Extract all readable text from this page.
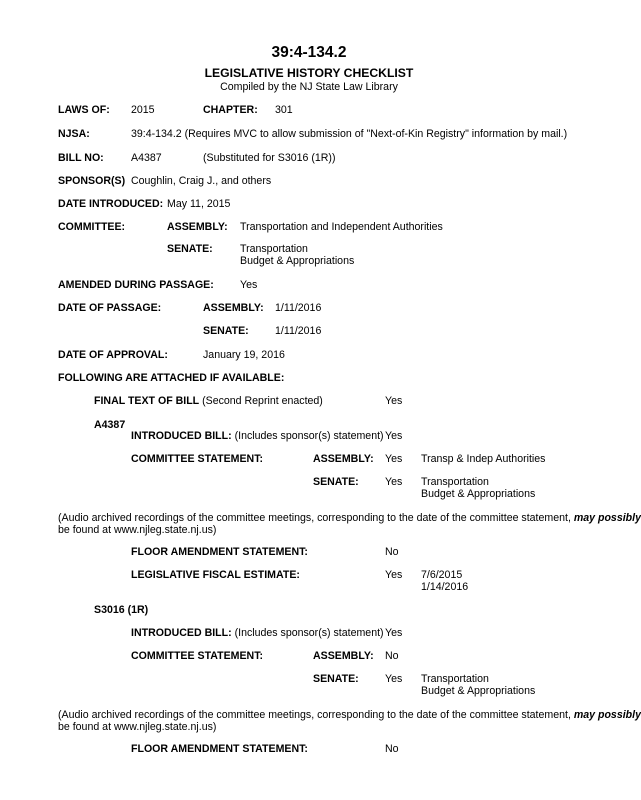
39:4-134.2
LEGISLATIVE HISTORY CHECKLIST
Compiled by the NJ State Law Library
LAWS OF: 2015	CHAPTER: 301
NJSA:	39:4-134.2 (Requires MVC to allow submission of "Next-of-Kin Registry" information by mail.)
BILL NO:	A4387	(Substituted for S3016 (1R))
SPONSOR(S) Coughlin, Craig J., and others
DATE INTRODUCED: May 11, 2015
COMMITTEE:	ASSEMBLY: Transportation and Independent Authorities
SENATE:	Transportation
Budget & Appropriations
AMENDED DURING PASSAGE: Yes
DATE OF PASSAGE:	ASSEMBLY: 1/11/2016
SENATE: 1/11/2016
DATE OF APPROVAL:	January 19, 2016
FOLLOWING ARE ATTACHED IF AVAILABLE:
FINAL TEXT OF BILL (Second Reprint enacted)	Yes
A4387
INTRODUCED BILL: (Includes sponsor(s) statement) Yes
COMMITTEE STATEMENT:	ASSEMBLY: Yes Transp & Indep Authorities
SENATE: Yes Transportation
Budget & Appropriations
(Audio archived recordings of the committee meetings, corresponding to the date of the committee statement, may possibly
be found at www.njleg.state.nj.us)
FLOOR AMENDMENT STATEMENT:	No
LEGISLATIVE FISCAL ESTIMATE:	Yes 7/6/2015
1/14/2016
S3016 (1R)
INTRODUCED BILL: (Includes sponsor(s) statement) Yes
COMMITTEE STATEMENT:	ASSEMBLY: No
SENATE: Yes Transportation
Budget & Appropriations
(Audio archived recordings of the committee meetings, corresponding to the date of the committee statement, may possibly
be found at www.njleg.state.nj.us)
FLOOR AMENDMENT STATEMENT:	No
